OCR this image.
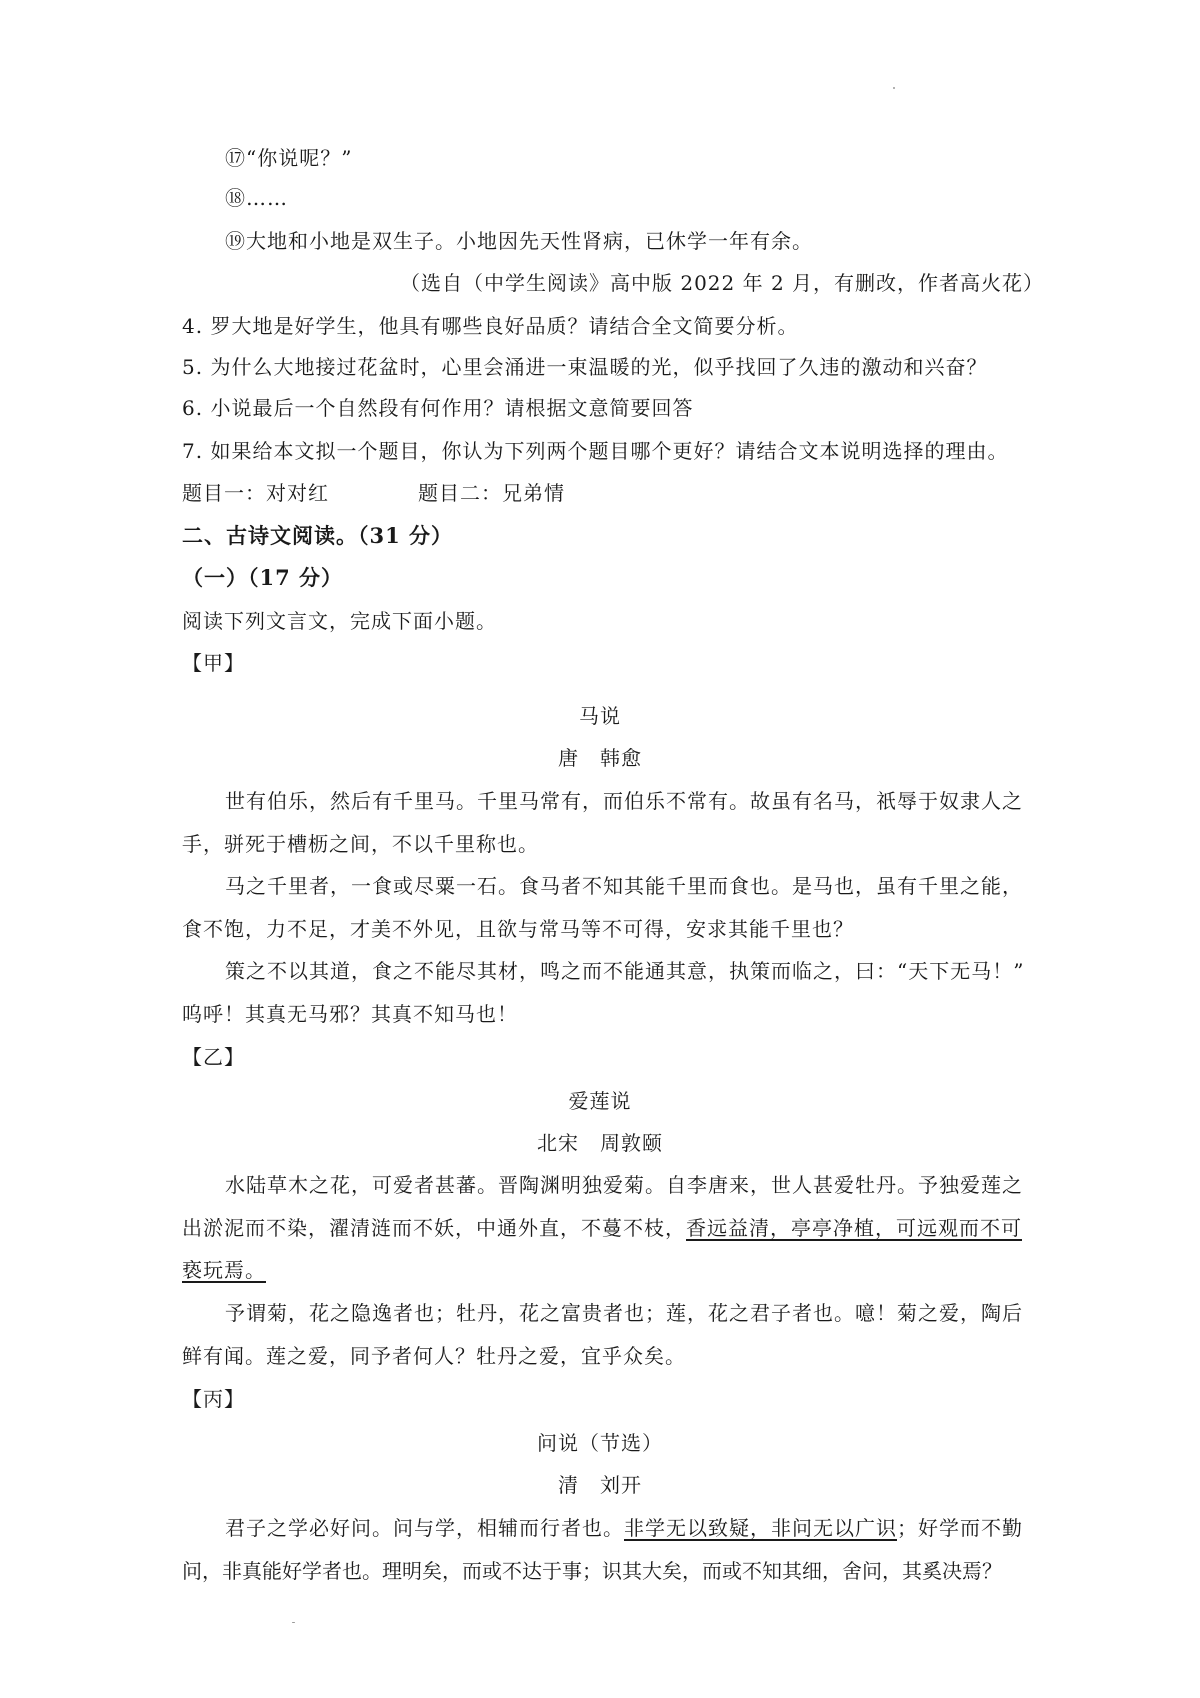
⑰“你说呢？”
⑱……
⑲大地和小地是双生子。小地因先天性肾病，已休学一年有余。
（选自（中学生阅读》高中版 2022 年 2 月，有删改，作者高火花）
4. 罗大地是好学生，他具有哪些良好品质？请结合全文简要分析。
5. 为什么大地接过花盆时，心里会涌进一束温暖的光，似乎找回了久违的激动和兴奋？
6. 小说最后一个自然段有何作用？请根据文意简要回答
7. 如果给本文拟一个题目，你认为下列两个题目哪个更好？请结合文本说明选择的理由。
题目一：对对红	题目二：兄弟情
二、古诗文阅读。（31 分）
（一）（17 分）
阅读下列文言文，完成下面小题。
【甲】
马说
唐　韩愈
世有伯乐，然后有千里马。千里马常有，而伯乐不常有。故虽有名马，祇辱于奴隶人之
手，骈死于槽枥之间，不以千里称也。
马之千里者，一食或尽粟一石。食马者不知其能千里而食也。是马也，虽有千里之能，
食不饱，力不足，才美不外见，且欲与常马等不可得，安求其能千里也？
策之不以其道，食之不能尽其材，鸣之而不能通其意，执策而临之，曰：“天下无马！”
呜呼！其真无马邪？其真不知马也！
【乙】
爱莲说
北宋　周敦颐
水陆草木之花，可爱者甚蕃。晋陶渊明独爱菊。自李唐来，世人甚爱牡丹。予独爱莲之
出淤泥而不染，濯清涟而不妖，中通外直，不蔓不枝，香远益清，亭亭净植，可远观而不可
亵玩焉。
予谓菊，花之隐逸者也；牡丹，花之富贵者也；莲，花之君子者也。噫！菊之爱，陶后
鲜有闻。莲之爱，同予者何人？牡丹之爱，宜乎众矣。
【丙】
问说（节选）
清　刘开
君子之学必好问。问与学，相辅而行者也。非学无以致疑，非问无以广识；好学而不勤
问，非真能好学者也。理明矣，而或不达于事；识其大矣，而或不知其细，舍问，其奚决焉？
